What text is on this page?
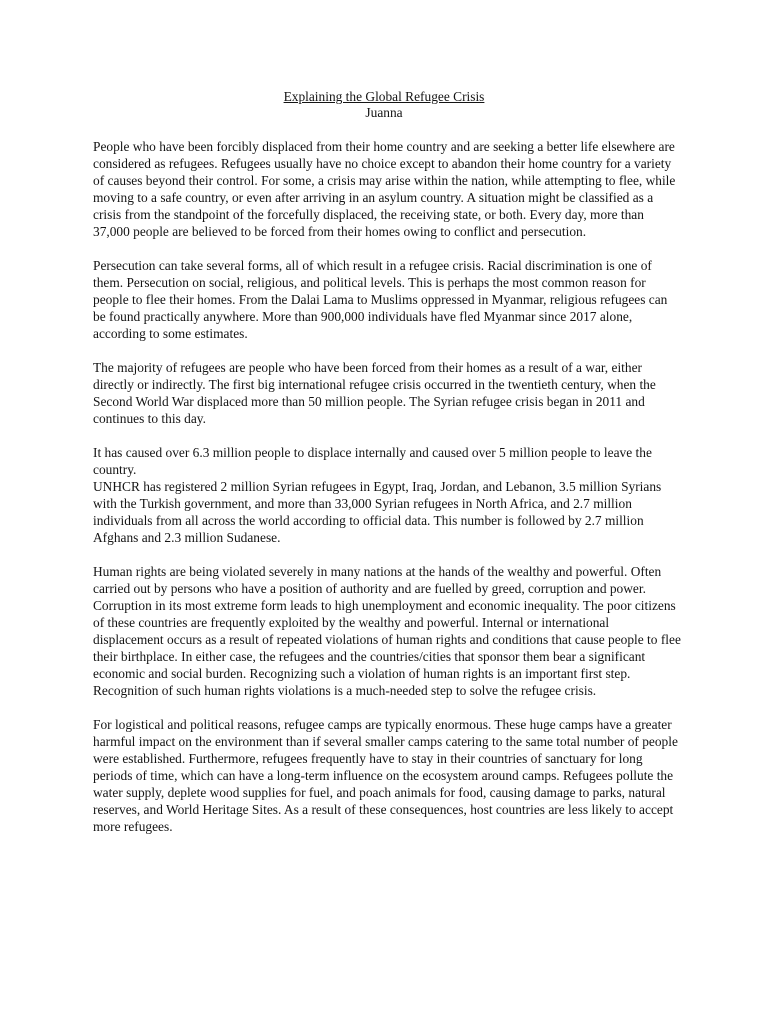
Explaining the Global Refugee Crisis
Juanna

People who have been forcibly displaced from their home country and are seeking a better life elsewhere are considered as refugees. Refugees usually have no choice except to abandon their home country for a variety of causes beyond their control. For some, a crisis may arise within the nation, while attempting to flee, while moving to a safe country, or even after arriving in an asylum country. A situation might be classified as a crisis from the standpoint of the forcefully displaced, the receiving state, or both. Every day, more than 37,000 people are believed to be forced from their homes owing to conflict and persecution.

Persecution can take several forms, all of which result in a refugee crisis. Racial discrimination is one of them. Persecution on social, religious, and political levels. This is perhaps the most common reason for people to flee their homes. From the Dalai Lama to Muslims oppressed in Myanmar, religious refugees can be found practically anywhere. More than 900,000 individuals have fled Myanmar since 2017 alone, according to some estimates.

The majority of refugees are people who have been forced from their homes as a result of a war, either directly or indirectly. The first big international refugee crisis occurred in the twentieth century, when the Second World War displaced more than 50 million people. The Syrian refugee crisis began in 2011 and continues to this day.

It has caused over 6.3 million people to displace internally and caused over 5 million people to leave the country.

UNHCR has registered 2 million Syrian refugees in Egypt, Iraq, Jordan, and Lebanon, 3.5 million Syrians with the Turkish government, and more than 33,000 Syrian refugees in North Africa, and 2.7 million individuals from all across the world according to official data. This number is followed by 2.7 million Afghans and 2.3 million Sudanese.

Human rights are being violated severely in many nations at the hands of the wealthy and powerful. Often carried out by persons who have a position of authority and are fuelled by greed, corruption and power. Corruption in its most extreme form leads to high unemployment and economic inequality. The poor citizens of these countries are frequently exploited by the wealthy and powerful. Internal or international displacement occurs as a result of repeated violations of human rights and conditions that cause people to flee their birthplace. In either case, the refugees and the countries/cities that sponsor them bear a significant economic and social burden. Recognizing such a violation of human rights is an important first step.

Recognition of such human rights violations is a much-needed step to solve the refugee crisis.

For logistical and political reasons, refugee camps are typically enormous. These huge camps have a greater harmful impact on the environment than if several smaller camps catering to the same total number of people were established. Furthermore, refugees frequently have to stay in their countries of sanctuary for long periods of time, which can have a long-term influence on the ecosystem around camps. Refugees pollute the water supply, deplete wood supplies for fuel, and poach animals for food, causing damage to parks, natural reserves, and World Heritage Sites. As a result of these consequences, host countries are less likely to accept more refugees.
